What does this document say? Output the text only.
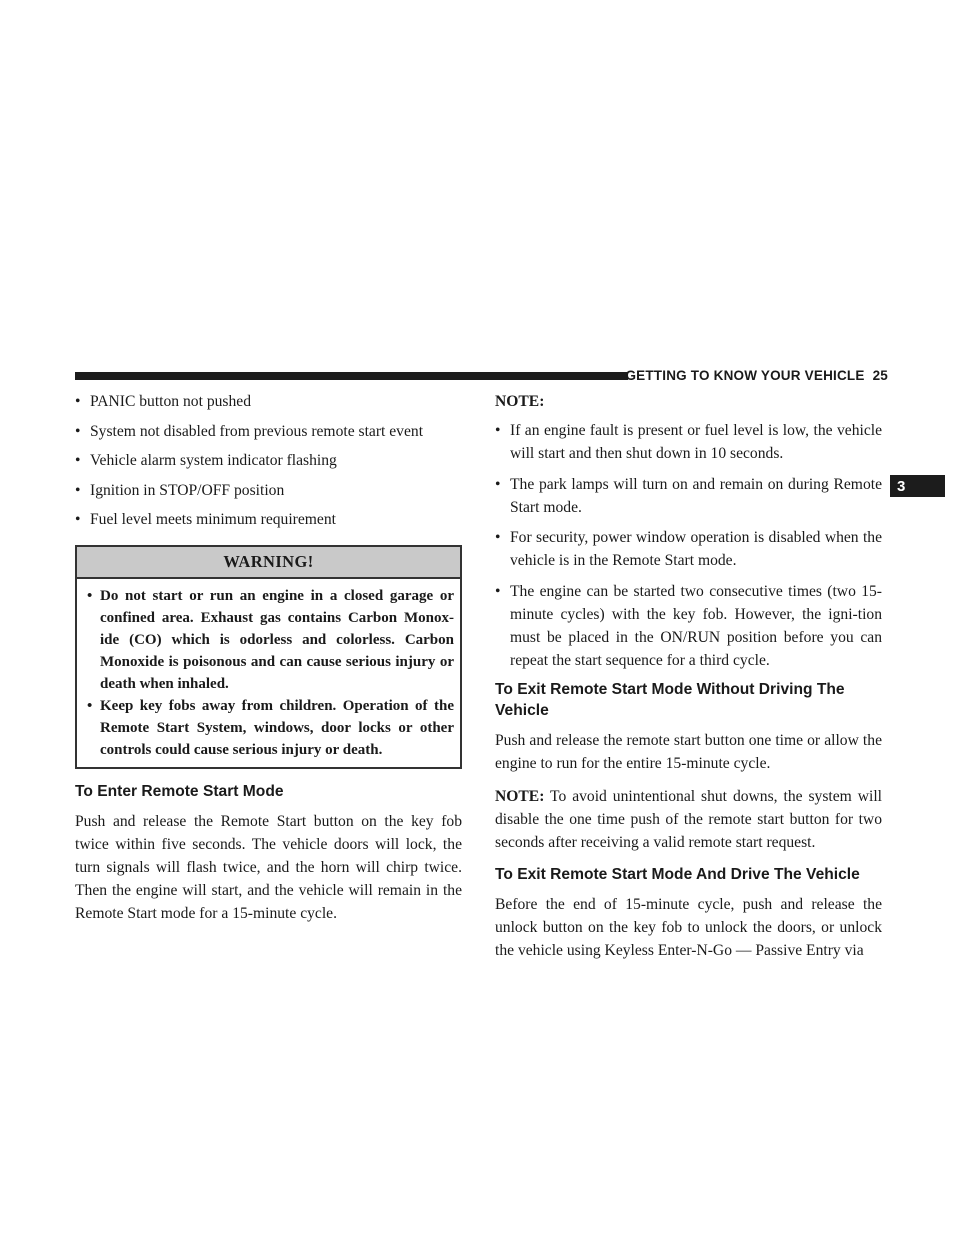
GETTING TO KNOW YOUR VEHICLE 25
3
• PANIC button not pushed
• System not disabled from previous remote start event
• Vehicle alarm system indicator flashing
• Ignition in STOP/OFF position
• Fuel level meets minimum requirement
WARNING!
• Do not start or run an engine in a closed garage or confined area. Exhaust gas contains Carbon Monox-ide (CO) which is odorless and colorless. Carbon Monoxide is poisonous and can cause serious injury or death when inhaled.
• Keep key fobs away from children. Operation of the Remote Start System, windows, door locks or other controls could cause serious injury or death.
To Enter Remote Start Mode

Push and release the Remote Start button on the key fob twice within five seconds. The vehicle doors will lock, the turn signals will flash twice, and the horn will chirp twice. Then the engine will start, and the vehicle will remain in the Remote Start mode for a 15-minute cycle.

NOTE:
• If an engine fault is present or fuel level is low, the vehicle will start and then shut down in 10 seconds.
• The park lamps will turn on and remain on during Remote Start mode.
• For security, power window operation is disabled when the vehicle is in the Remote Start mode.
• The engine can be started two consecutive times (two 15-minute cycles) with the key fob. However, the igni-tion must be placed in the ON/RUN position before you can repeat the start sequence for a third cycle.
To Exit Remote Start Mode Without Driving The Vehicle

Push and release the remote start button one time or allow the engine to run for the entire 15-minute cycle.

NOTE: To avoid unintentional shut downs, the system will disable the one time push of the remote start button for two seconds after receiving a valid remote start request.

To Exit Remote Start Mode And Drive The Vehicle

Before the end of 15-minute cycle, push and release the unlock button on the key fob to unlock the doors, or unlock the vehicle using Keyless Enter-N-Go — Passive Entry via
